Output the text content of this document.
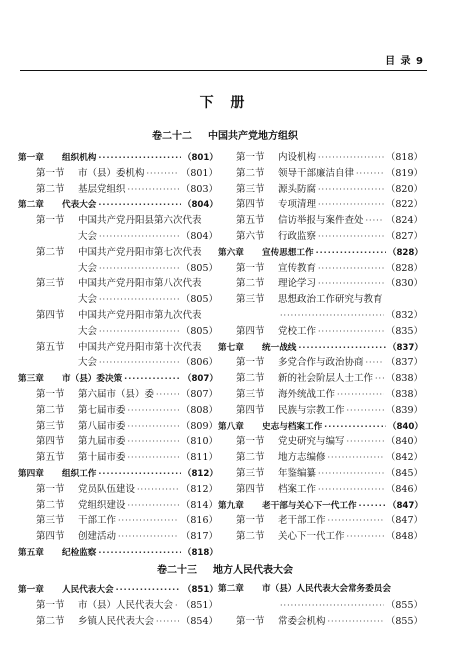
目 录 9
下 册
卷二十二 中国共产党地方组织
第一章 组织机构 ·····	（801）
第一节 市（县）委机构 ·····	（801）
第二节 基层党组织 ·····	（803）
第二章 代表大会 ·····	（804）
第一节 中国共产党丹阳县第六次代表
大会 ·····	（804）
第二节 中国共产党丹阳市第七次代表
大会 ·····	（805）
第三节 中国共产党丹阳市第八次代表
大会 ·····	（805）
第四节 中国共产党丹阳市第九次代表
大会 ·····	（805）
第五节 中国共产党丹阳市第十次代表
大会 ·····	（806）
第三章 市（县）委决策 ·····	（807）
第一节 第六届市（县）委 ·····	（807）
第二节 第七届市委 ·····	（808）
第三节 第八届市委 ·····	（809）
第四节 第九届市委 ·····	（810）
第五节 第十届市委 ·····	（811）
第四章 组织工作 ·····	（812）
第一节 党员队伍建设 ·····	（812）
第二节 党组织建设 ·····	（814）
第三节 干部工作 ·····	（816）
第四节 创建活动 ·····	（817）
第五章 纪检监察 ·····	（818）
第一节 内设机构 ·····	（818）
第二节 领导干部廉洁自律 ·····	（819）
第三节 源头防腐 ·····	（820）
第四节 专项清理 ·····	（822）
第五节 信访举报与案件查处 ····· （824）
第六节 行政监察 ·····	（827）
第六章 宣传思想工作 ·····	（828）
第一节 宣传教育 ·····	（828）
第二节 理论学习 ·····	（830）
第三节 思想政治工作研究与教育
·····
（832）
第四节 党校工作 ·····	（835）
第七章 统一战线 ·····	（837）
第一节 多党合作与政治协商 ····· （837）
第二节 新的社会阶层人士工作 ····· （838）
第三节 海外统战工作 ·····	（838）
第四节 民族与宗教工作 ·····	（839）
第八章 史志与档案工作 ·····	（840）
第一节 党史研究与编写 ·····	（840）
第二节 地方志编修 ·····	（842）
第三节 年鉴编纂 ·····	（845）
第四节 档案工作 ·····	（846）
第九章 老干部与关心下一代工作 ·····	（847）
第一节 老干部工作 ·····	（847）
第二节 关心下一代工作 ·····	（848）
卷二十三 地方人民代表大会
第一章 人民代表大会 ·····	（851）
第一节 市（县）人民代表大会 ····· （851）
第二节 乡镇人民代表大会 ·····	（854）
第二章 市（县）人民代表大会常务委员会
·····
（855）
第一节 常委会机构 ·····	（855）
